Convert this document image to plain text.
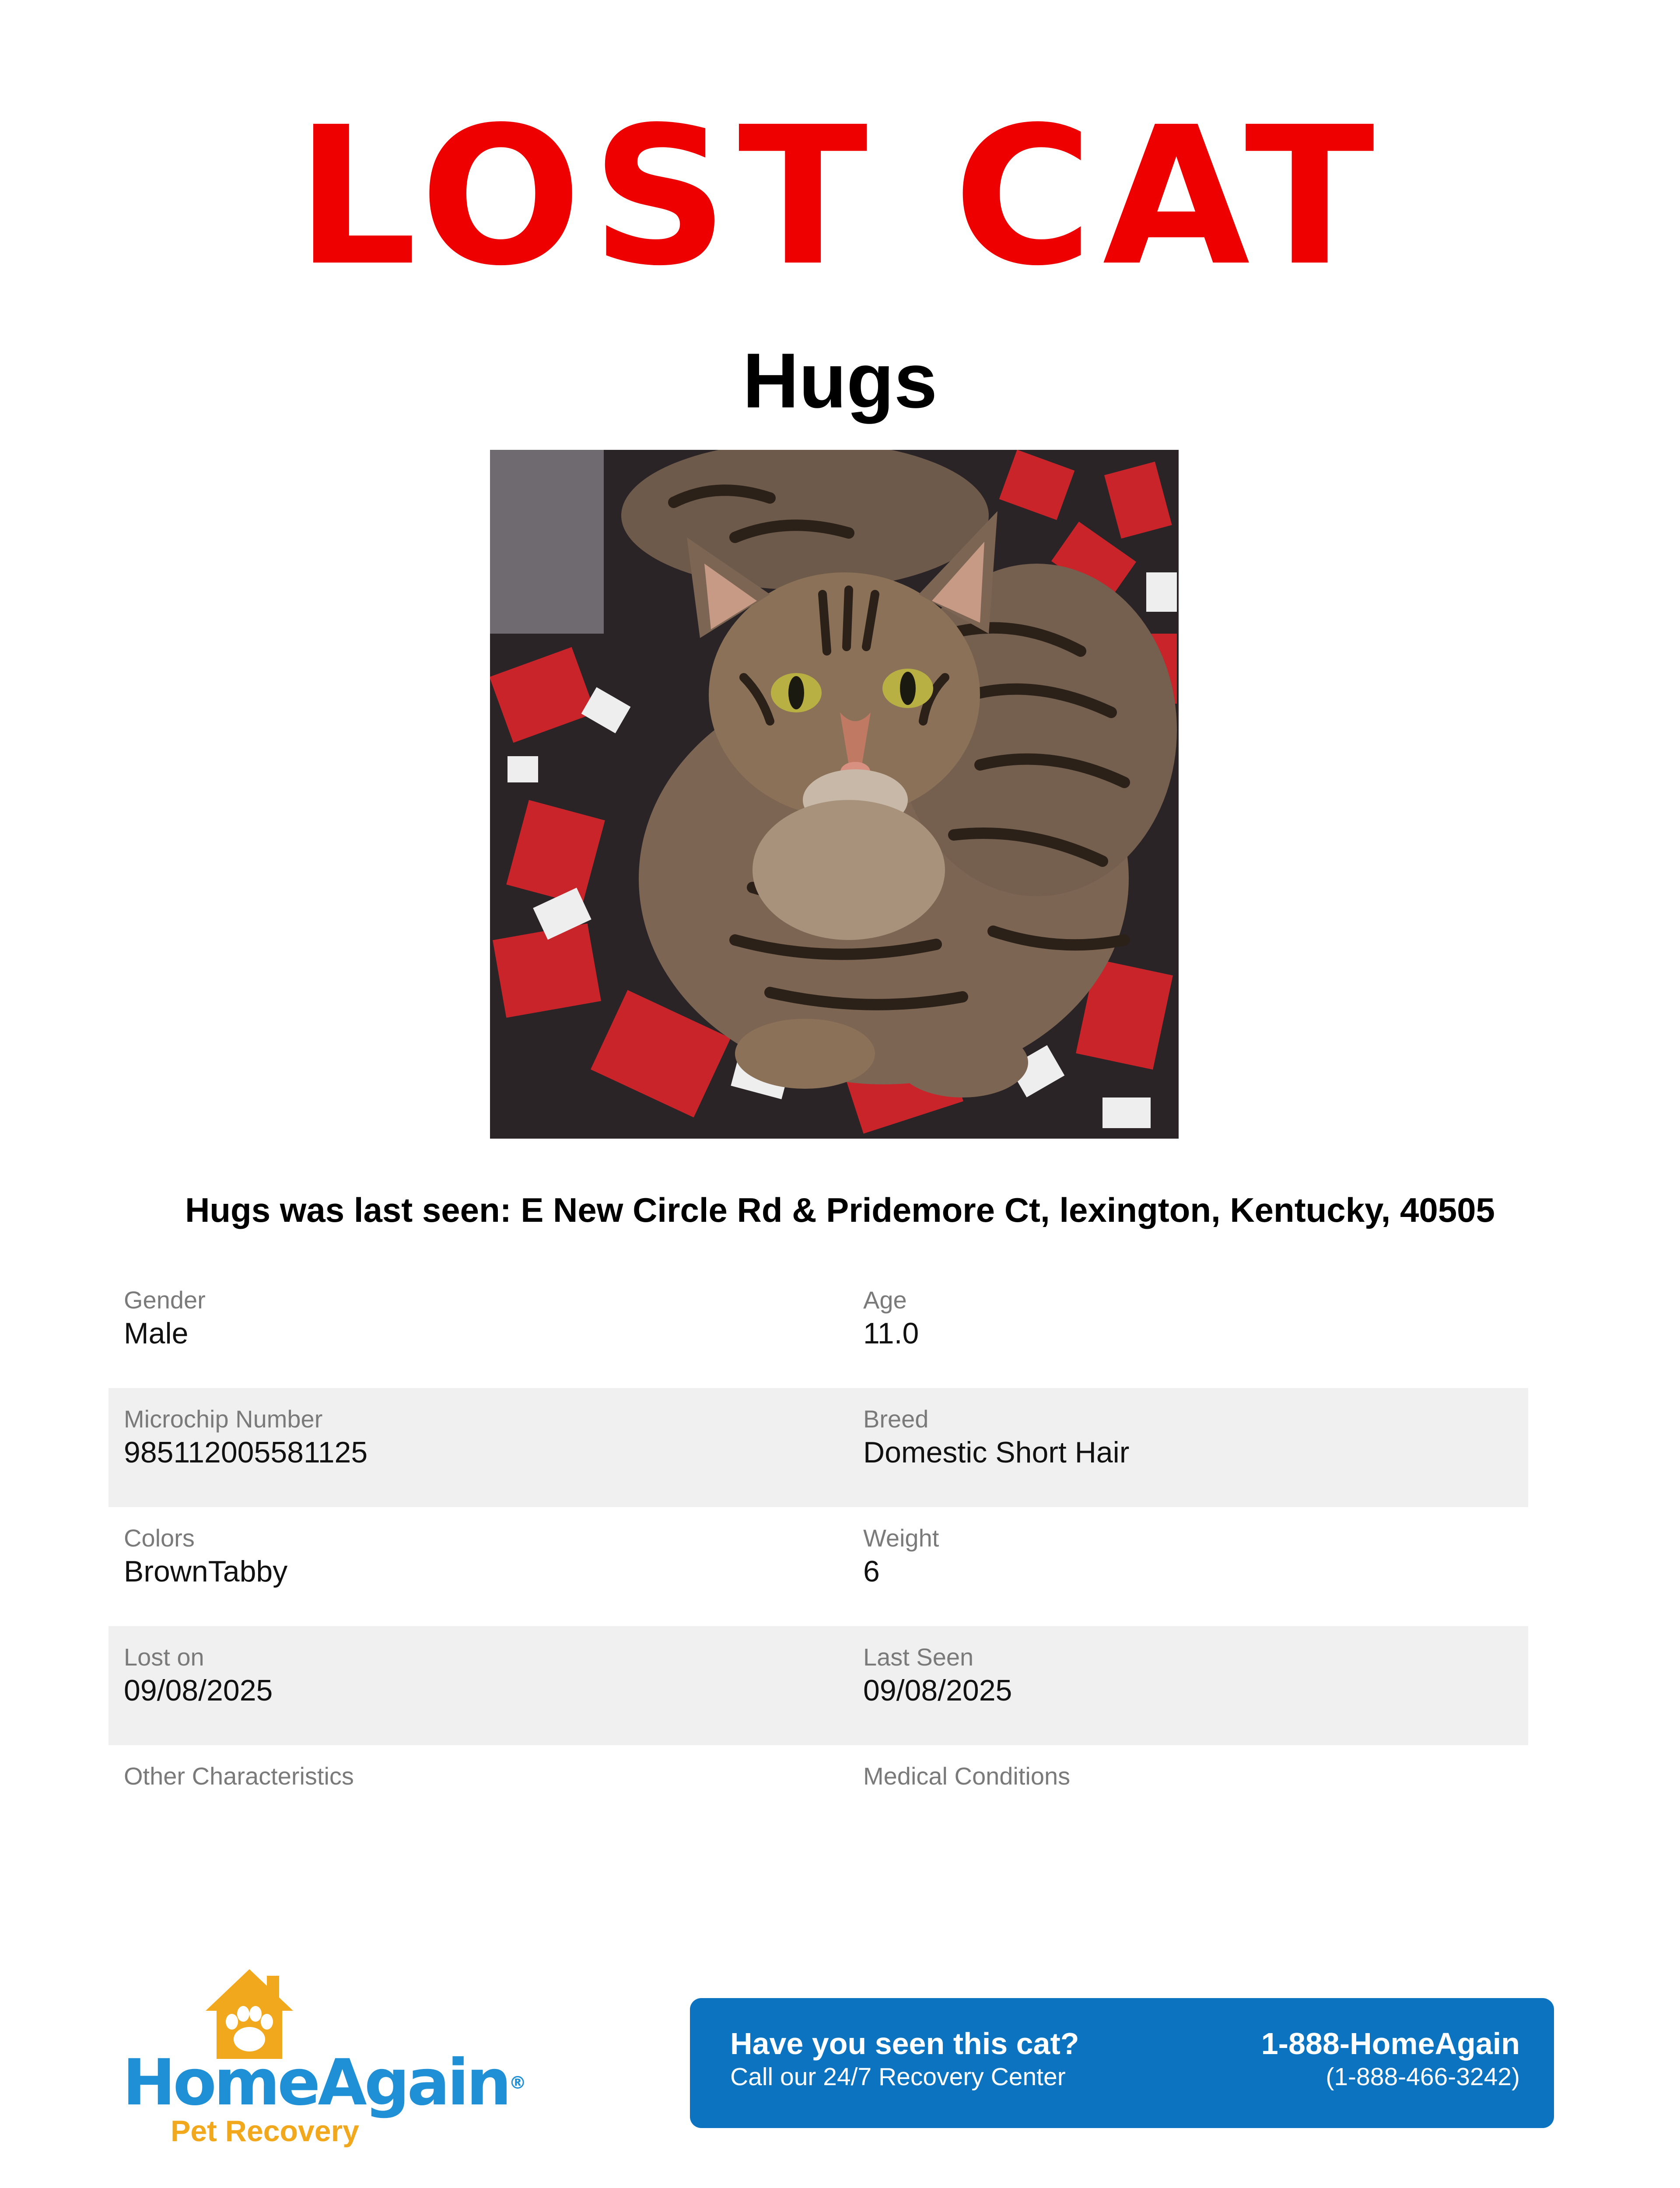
LOST CAT
Hugs
Hugs was last seen: E New Circle Rd & Pridemore Ct, lexington, Kentucky, 40505
Gender
Male
Age
11.0
Microchip Number
985112005581125
Breed
Domestic Short Hair
Colors
BrownTabby
Weight
6
Lost on
09/08/2025
Last Seen
09/08/2025
Other Characteristics	Medical Conditions
HomeAgain®
Pet Recovery
Have you seen this cat?
Call our 24/7 Recovery Center
1-888-HomeAgain
(1-888-466-3242)
